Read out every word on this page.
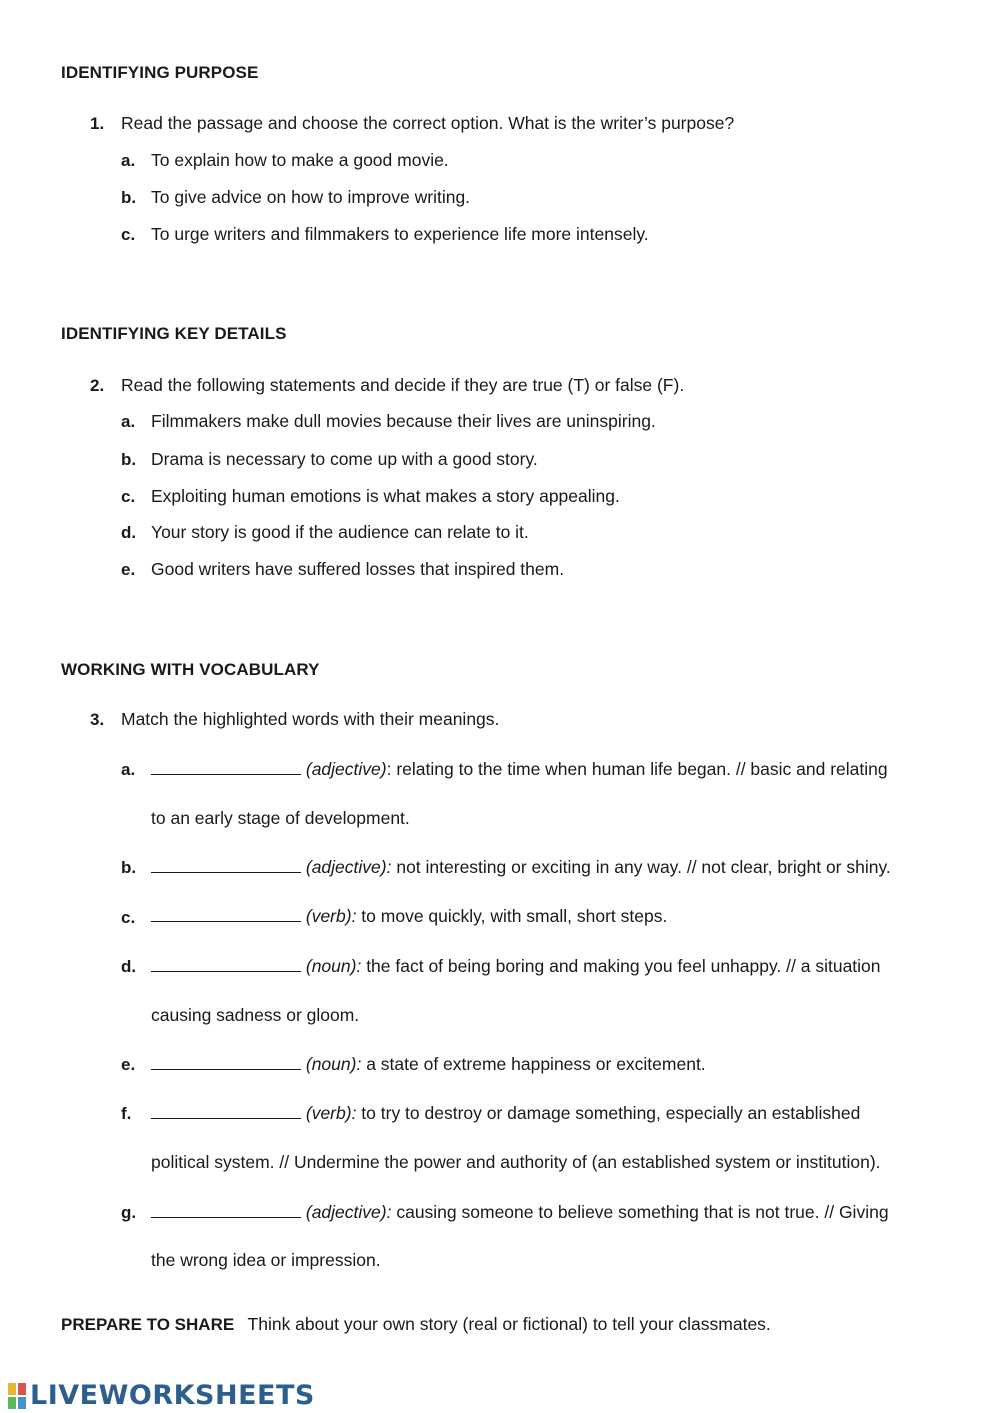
IDENTIFYING PURPOSE
1. Read the passage and choose the correct option. What is the writer’s purpose?
a. To explain how to make a good movie.
b. To give advice on how to improve writing.
c. To urge writers and filmmakers to experience life more intensely.
IDENTIFYING KEY DETAILS
2. Read the following statements and decide if they are true (T) or false (F).
a. Filmmakers make dull movies because their lives are uninspiring.
b. Drama is necessary to come up with a good story.
c. Exploiting human emotions is what makes a story appealing.
d. Your story is good if the audience can relate to it.
e. Good writers have suffered losses that inspired them.
WORKING WITH VOCABULARY
3. Match the highlighted words with their meanings.
a.	(adjective): relating to the time when human life began. // basic and relating
to an early stage of development.
b.	(adjective): not interesting or exciting in any way. // not clear, bright or shiny.
c.	(verb): to move quickly, with small, short steps.
d.	(noun): the fact of being boring and making you feel unhappy. // a situation
causing sadness or gloom.
e.	(noun): a state of extreme happiness or excitement.
f.	(verb): to try to destroy or damage something, especially an established
political system. // Undermine the power and authority of (an established system or institution).
g.	(adjective): causing someone to believe something that is not true. // Giving
the wrong idea or impression.
PREPARE TO SHARE Think about your own story (real or fictional) to tell your classmates.
LIVEWORKSHEETS
